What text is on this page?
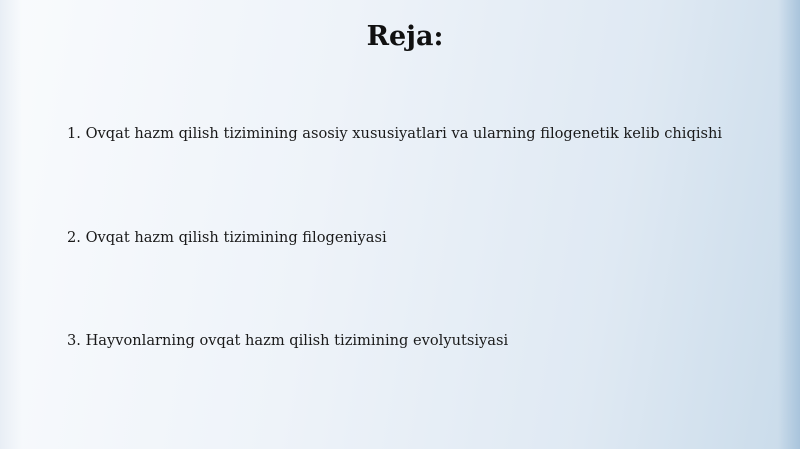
Reja:

1. Ovqat hazm qilish tizimining asosiy xususiyatlari va ularning filogenetik kelib chiqishi

2. Ovqat hazm qilish tizimining filogeniyasi

3. Hayvonlarning ovqat hazm qilish tizimining evolyutsiyasi
